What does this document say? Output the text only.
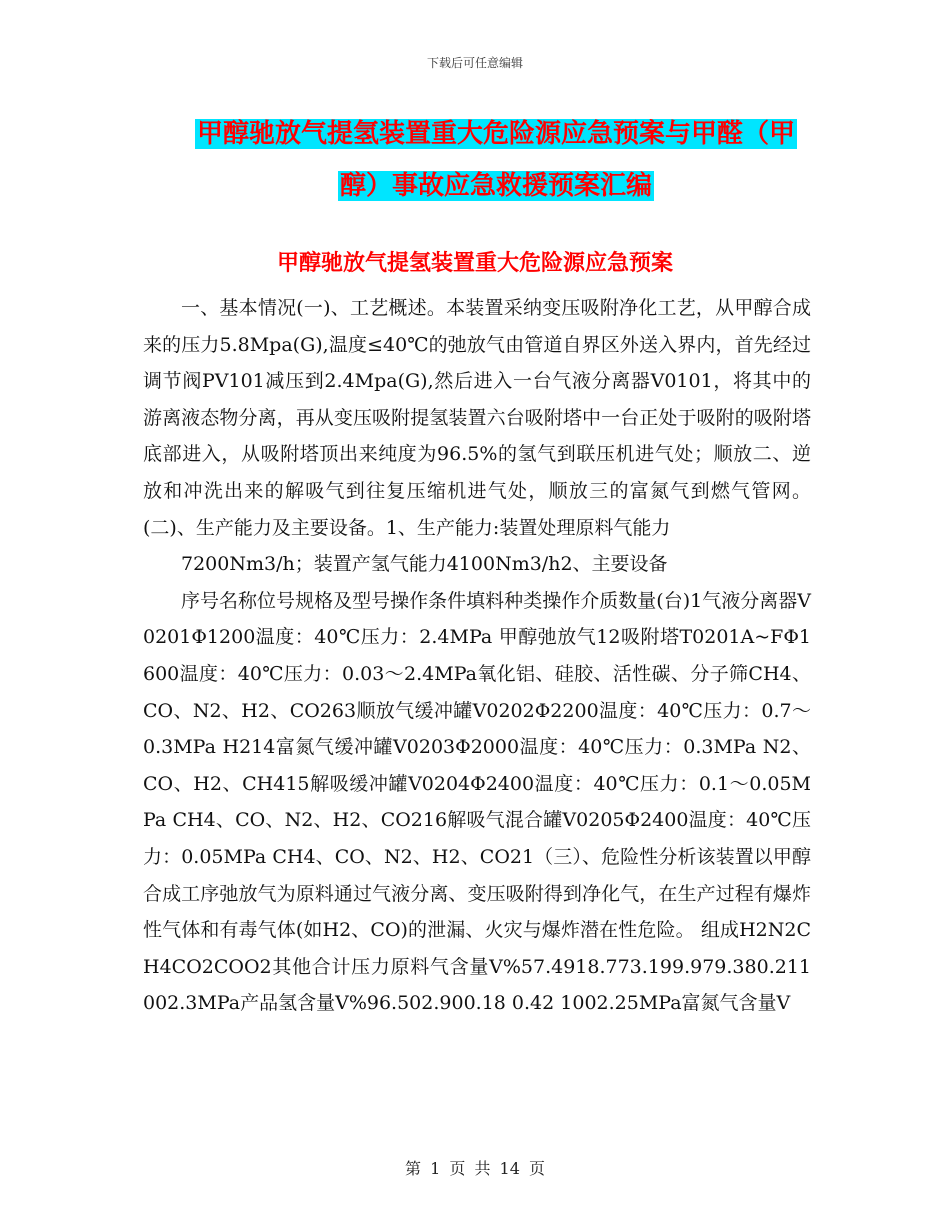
下载后可任意编辑
甲醇驰放气提氢装置重大危险源应急预案与甲醛（甲醇）事故应急救援预案汇编
甲醇驰放气提氢装置重大危险源应急预案

一、基本情况(一)、工艺概述。本装置采纳变压吸附净化工艺，从甲醇合成来的压力5.8Mpa(G),温度≤40℃的弛放气由管道自界区外送入界内，首先经过调节阀PV101减压到2.4Mpa(G),然后进入一台气液分离器V0101，将其中的游离液态物分离，再从变压吸附提氢装置六台吸附塔中一台正处于吸附的吸附塔底部进入，从吸附塔顶出来纯度为96.5%的氢气到联压机进气处；顺放二、逆放和冲洗出来的解吸气到往复压缩机进气处，顺放三的富氮气到燃气管网。(二)、生产能力及主要设备。1、生产能力:装置处理原料气能力

7200Nm3/h；装置产氢气能力4100Nm3/h2、主要设备

序号名称位号规格及型号操作条件填料种类操作介质数量(台)1气液分离器V0201Φ1200温度：40℃压力：2.4MPa 甲醇弛放气12吸附塔T0201A~FΦ1600温度：40℃压力：0.03～2.4MPa氧化铝、硅胶、活性碳、分子筛CH4、CO、N2、H2、CO263顺放气缓冲罐V0202Φ2200温度：40℃压力：0.7～0.3MPa H214富氮气缓冲罐V0203Φ2000温度：40℃压力：0.3MPa N2、CO、H2、CH415解吸缓冲罐V0204Φ2400温度：40℃压力：0.1～0.05MPa CH4、CO、N2、H2、CO216解吸气混合罐V0205Φ2400温度：40℃压力：0.05MPa CH4、CO、N2、H2、CO21（三）、危险性分析该装置以甲醇合成工序弛放气为原料通过气液分离、变压吸附得到净化气，在生产过程有爆炸性气体和有毒气体(如H2、CO)的泄漏、火灾与爆炸潜在性危险。 组成H2N2CH4CO2COO2其他合计压力原料气含量V%57.4918.773.199.979.380.211002.3MPa产品氢含量V%96.502.900.18 0.42 1002.25MPa富氮气含量V

第 1 页 共 14 页
